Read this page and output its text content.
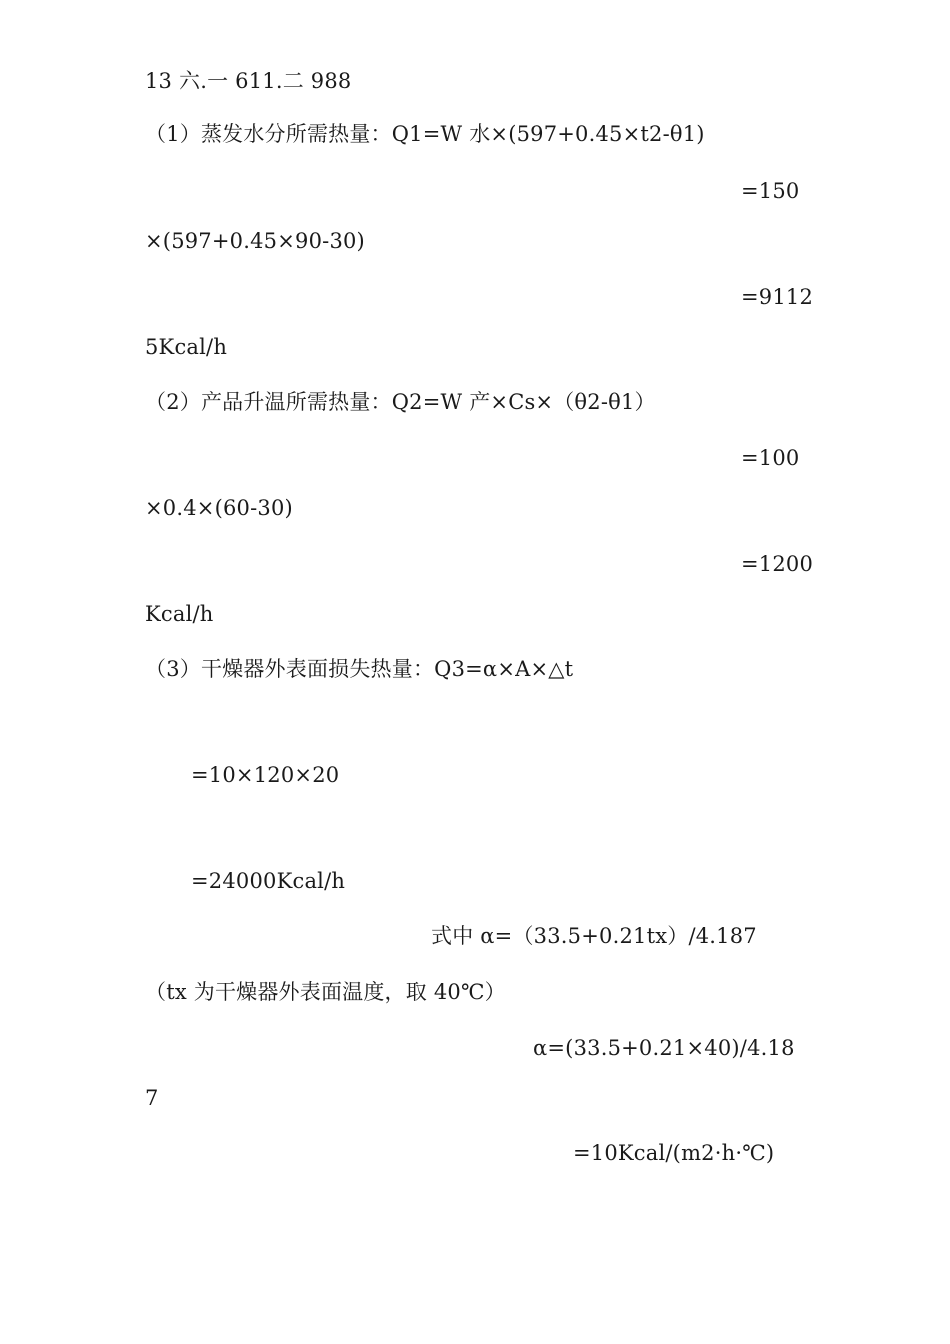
13 六.一 611.二 988
（1）蒸发水分所需热量：Q1=W 水×(597+0.45×t2-θ1)
=150
×(597+0.45×90-30)
=9112
5Kcal/h
（2）产品升温所需热量：Q2=W 产×Cs×（θ2-θ1）
=100
×0.4×(60-30)
=1200
Kcal/h
（3）干燥器外表面损失热量：Q3=α×A×△t
=10×120×20
=24000Kcal/h
式中 α=（33.5+0.21tx）/4.187
（tx 为干燥器外表面温度，取 40℃）
α=(33.5+0.21×40)/4.18
7
=10Kcal/(m2·h·℃)
